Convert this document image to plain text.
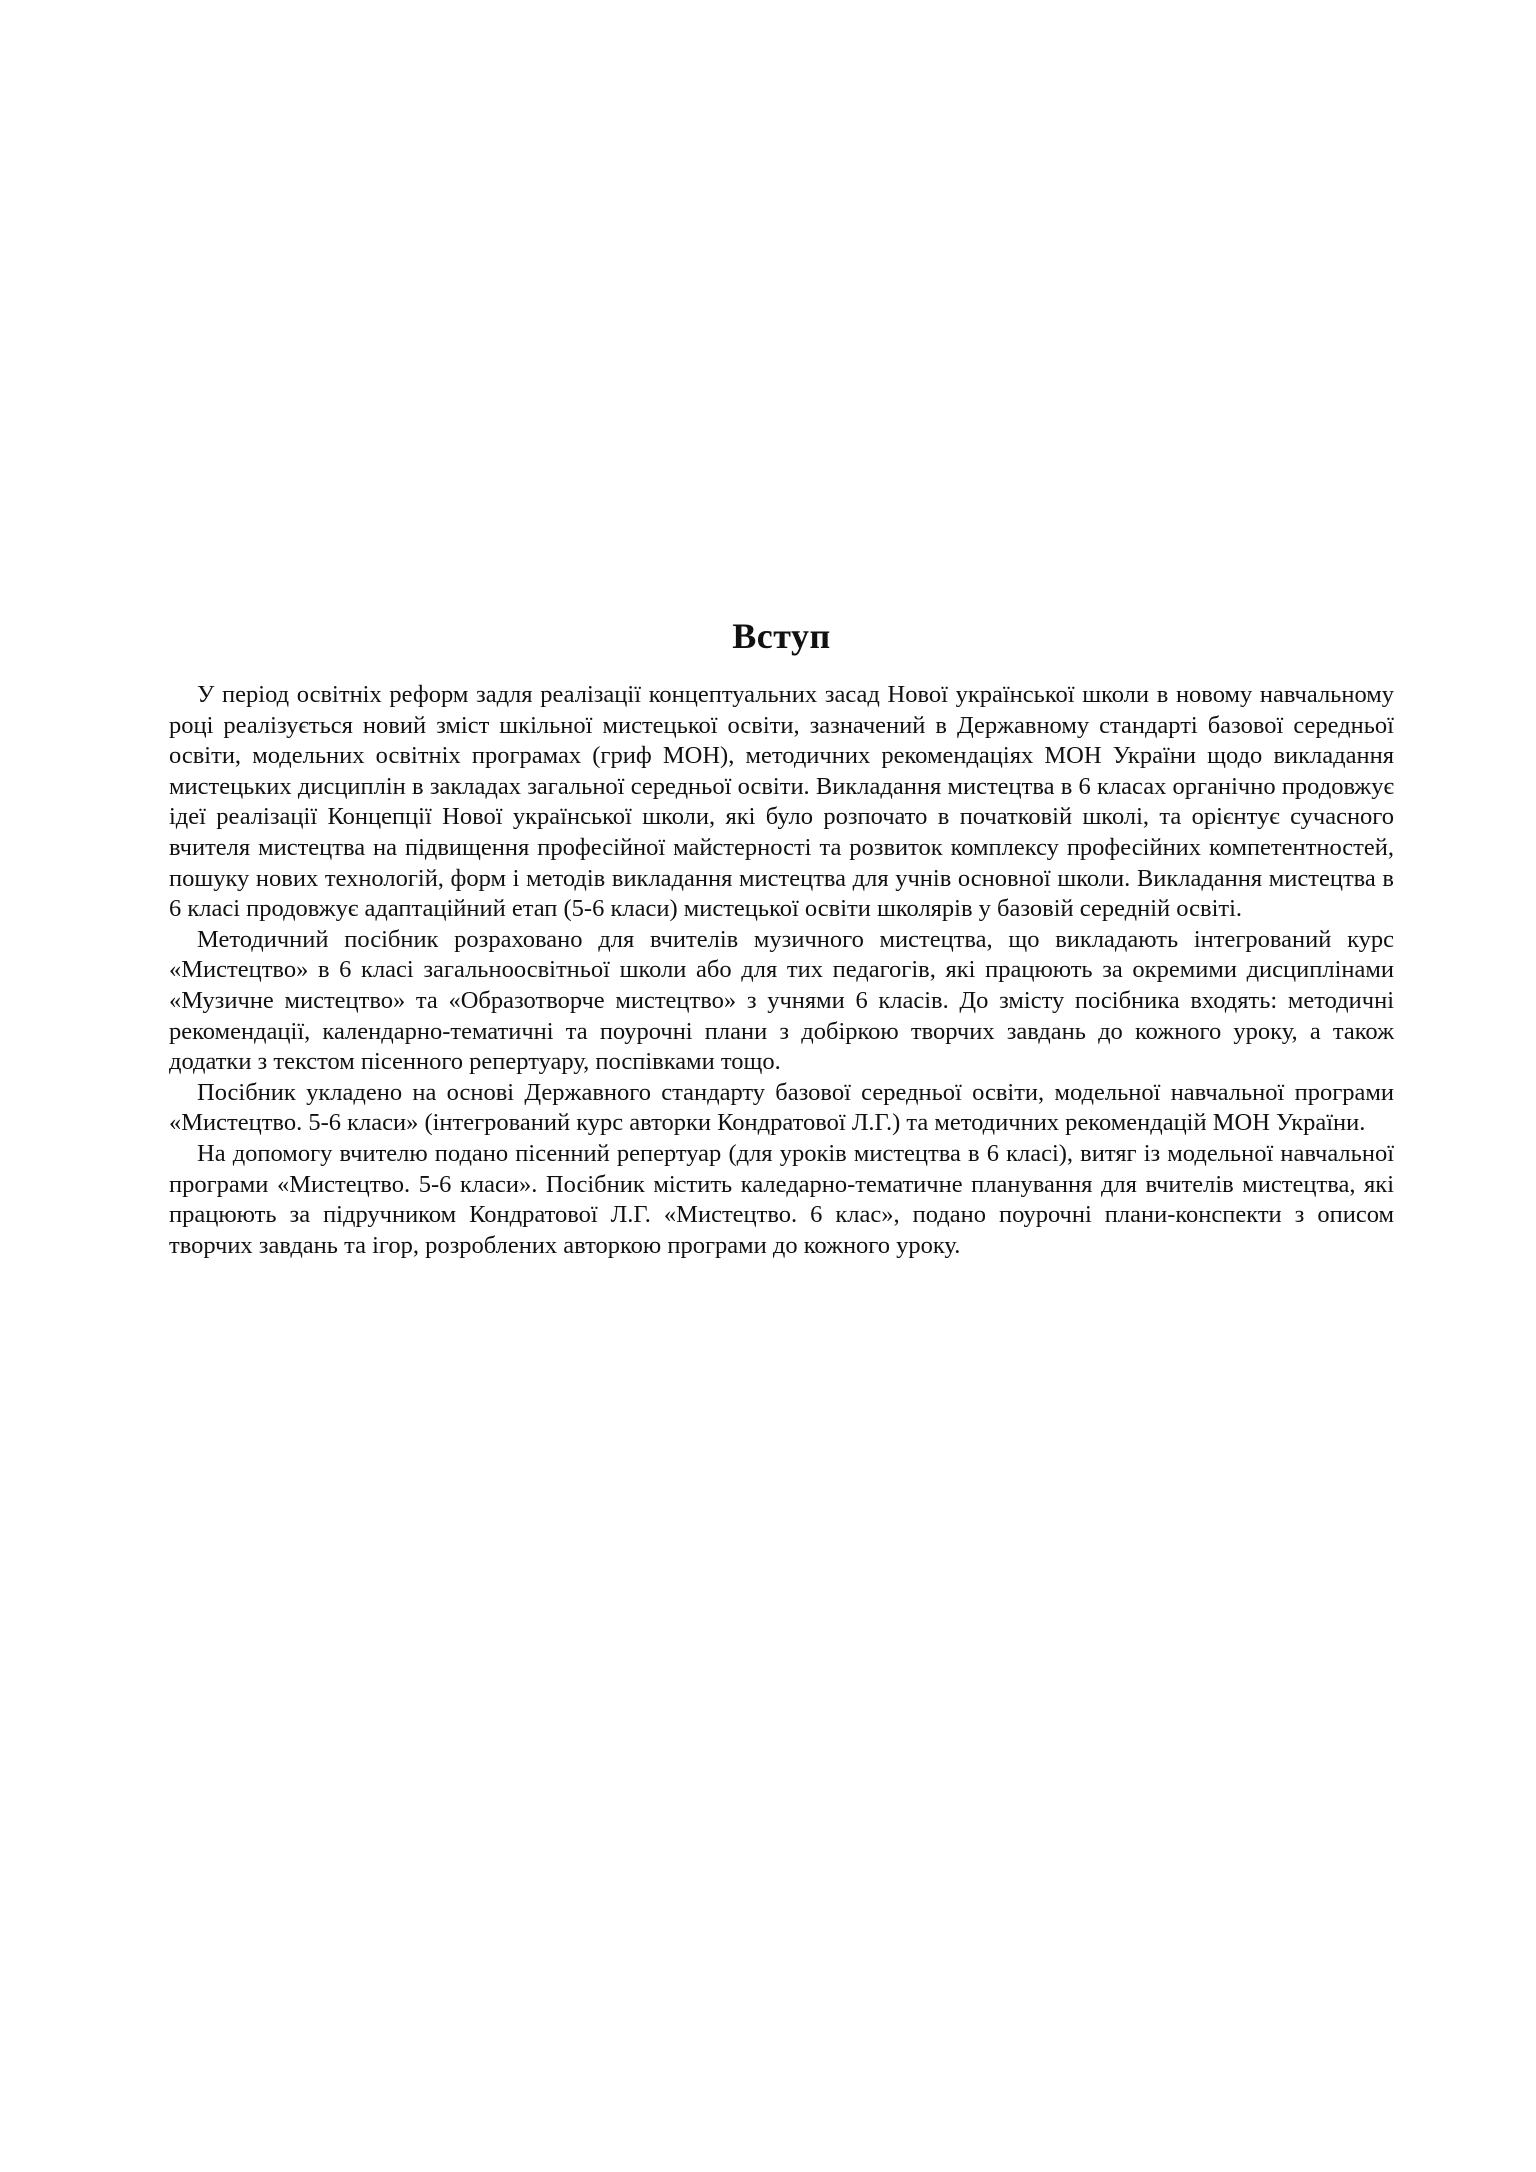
Вступ

У період освітніх реформ задля реалізації концептуальних засад Нової української школи в новому навчальному році реалізується новий зміст шкільної мистецької освіти, зазначений в Державному стандарті базової середньої освіти, модельних освітніх програмах (гриф МОН), методичних рекомендаціях МОН України щодо викладання мистецьких дисциплін в закладах загальної середньої освіти. Викладання мистецтва в 6 класах органічно продовжує ідеї реалізації Концепції Нової української школи, які було розпочато в початковій школі, та орієнтує сучасного вчителя мистецтва на підвищення професійної майстерності та розвиток комплексу професійних компетентностей, пошуку нових технологій, форм і методів викладання мистецтва для учнів основної школи. Викладання мистецтва в 6 класі продовжує адаптаційний етап (5-6 класи) мистецької освіти школярів у базовій середній освіті.

Методичний посібник розраховано для вчителів музичного мистецтва, що викладають інтегрований курс «Мистецтво» в 6 класі загальноосвітньої школи або для тих педагогів, які працюють за окремими дисциплінами «Музичне мистецтво» та «Образотворче мистецтво» з учнями 6 класів. До змісту посібника входять: методичні рекомендації, календарно-тематичні та поурочні плани з добіркою творчих завдань до кожного уроку, а також додатки з текстом пісенного репертуару, поспівками тощо.

Посібник укладено на основі Державного стандарту базової середньої освіти, модельної навчальної програми «Мистецтво. 5-6 класи» (інтегрований курс авторки Кондратової Л.Г.) та методичних рекомендацій МОН України.

На допомогу вчителю подано пісенний репертуар (для уроків мистецтва в 6 класі), витяг із модельної навчальної програми «Мистецтво. 5-6 класи». Посібник містить каледарно-тематичне планування для вчителів мистецтва, які працюють за підручником Кондратової Л.Г. «Мистецтво. 6 клас», подано поурочні плани-конспекти з описом творчих завдань та ігор, розроблених авторкою програми до кожного уроку.
